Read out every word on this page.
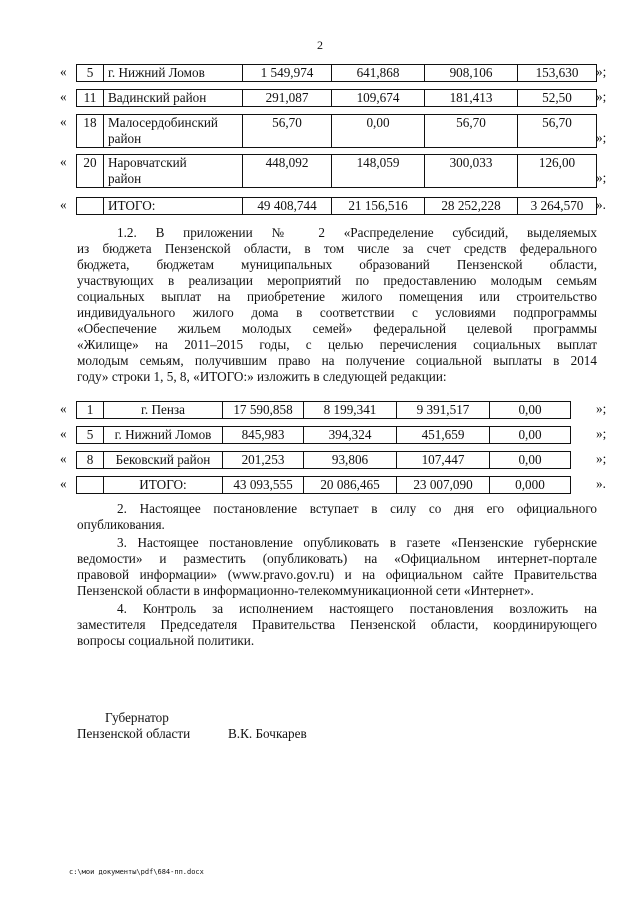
2
« 5	г. Нижний Ломов	1 549,974	641,868	908,106	153,630 »;
« 11	Вадинский район	291,087	109,674	181,413	52,50 »;
« 18	Малосердобинский
район
	56,70	0,00	56,70	56,70
»;
« 20	Наровчатский
район
	448,092	148,059	300,033	126,00
»;
«
		ИТОГО:	49 408,744	21 156,516	28 252,228	3 264,570 ».
1.2. В приложении № 2 «Распределение субсидий, выделяемых
из бюджета Пензенской области, в том числе за счет средств федерального
бюджета, бюджетам муниципальных образований Пензенской области,
участвующих в реализации мероприятий по предоставлению молодым семьям
социальных выплат на приобретение жилого помещения или строительство
индивидуального жилого дома в соответствии с условиями подпрограммы
«Обеспечение жильем молодых семей» федеральной целевой программы
«Жилище» на 2011–2015 годы, с целью перечисления социальных выплат
молодым семьям, получившим право на получение социальной выплаты в 2014
году» строки 1, 5, 8, «ИТОГО:» изложить в следующей редакции:
« 1	г. Пенза	17 590,858	8 199,341	9 391,517	0,00	»;
« 5	г. Нижний Ломов	845,983	394,324	451,659	0,00	»;
« 8	Бековский район	201,253	93,806	107,447	0,00	»;
«
		ИТОГО:	43 093,555	20 086,465	23 007,090	0,000	».
2. Настоящее постановление вступает в силу со дня его официального
опубликования.
3. Настоящее постановление опубликовать в газете «Пензенские губернские
ведомости» и разместить (опубликовать) на «Официальном интернет-портале
правовой информации» (www.pravo.gov.ru) и на официальном сайте Правительства
Пензенской области в информационно-телекоммуникационной сети «Интернет».
4. Контроль за исполнением настоящего постановления возложить на
заместителя Председателя Правительства Пензенской области, координирующего
вопросы социальной политики.
Губернатор
Пензенской области	В.К. Бочкарев
c:\мои документы\pdf\684-пп.docx
